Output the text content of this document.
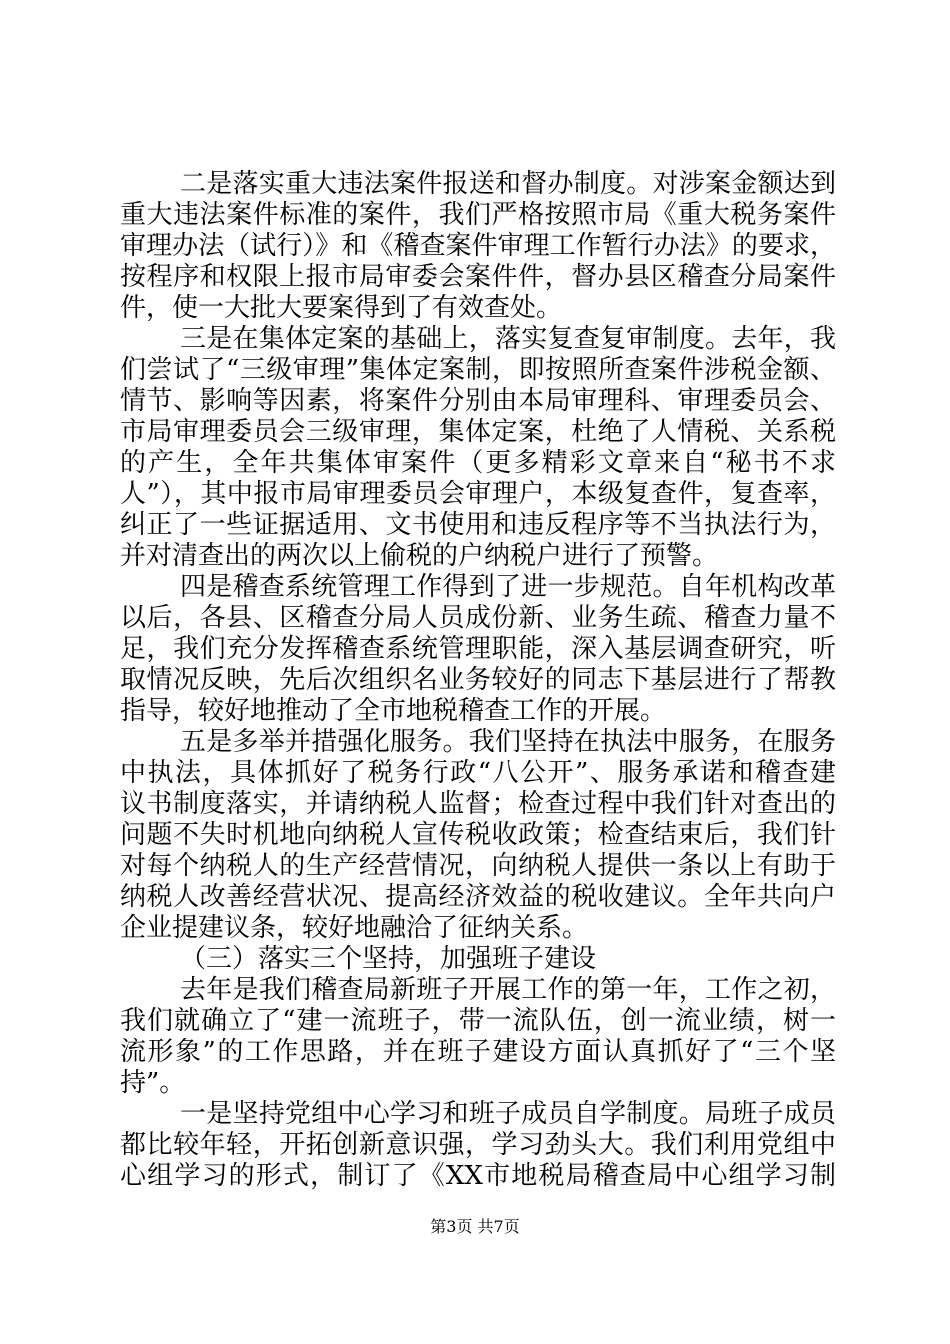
二是落实重大违法案件报送和督办制度。对涉案金额达到
重大违法案件标准的案件，我们严格按照市局《重大税务案件
审理办法（试行）》和《稽查案件审理工作暂行办法》的要求，
按程序和权限上报市局审委会案件件，督办县区稽查分局案件
件，使一大批大要案得到了有效查处。
三是在集体定案的基础上，落实复查复审制度。去年，我
们尝试了“三级审理”集体定案制，即按照所查案件涉税金额、
情节、影响等因素，将案件分别由本局审理科、审理委员会、
市局审理委员会三级审理，集体定案，杜绝了人情税、关系税
的产生，全年共集体审案件（更多精彩文章来自“秘书不求
人”），其中报市局审理委员会审理户，本级复查件，复查率，
纠正了一些证据适用、文书使用和违反程序等不当执法行为，
并对清查出的两次以上偷税的户纳税户进行了预警。
四是稽查系统管理工作得到了进一步规范。自年机构改革
以后，各县、区稽查分局人员成份新、业务生疏、稽查力量不
足，我们充分发挥稽查系统管理职能，深入基层调查研究，听
取情况反映，先后次组织名业务较好的同志下基层进行了帮教
指导，较好地推动了全市地税稽查工作的开展。
五是多举并措强化服务。我们坚持在执法中服务，在服务
中执法，具体抓好了税务行政“八公开”、服务承诺和稽查建
议书制度落实，并请纳税人监督；检查过程中我们针对查出的
问题不失时机地向纳税人宣传税收政策；检查结束后，我们针
对每个纳税人的生产经营情况，向纳税人提供一条以上有助于
纳税人改善经营状况、提高经济效益的税收建议。全年共向户
企业提建议条，较好地融洽了征纳关系。
（三）落实三个坚持，加强班子建设
去年是我们稽查局新班子开展工作的第一年，工作之初，
我们就确立了“建一流班子，带一流队伍，创一流业绩，树一
流形象”的工作思路，并在班子建设方面认真抓好了“三个坚
持”。
一是坚持党组中心学习和班子成员自学制度。局班子成员
都比较年轻，开拓创新意识强，学习劲头大。我们利用党组中
心组学习的形式，制订了《XX市地税局稽查局中心组学习制
第3页 共7页
